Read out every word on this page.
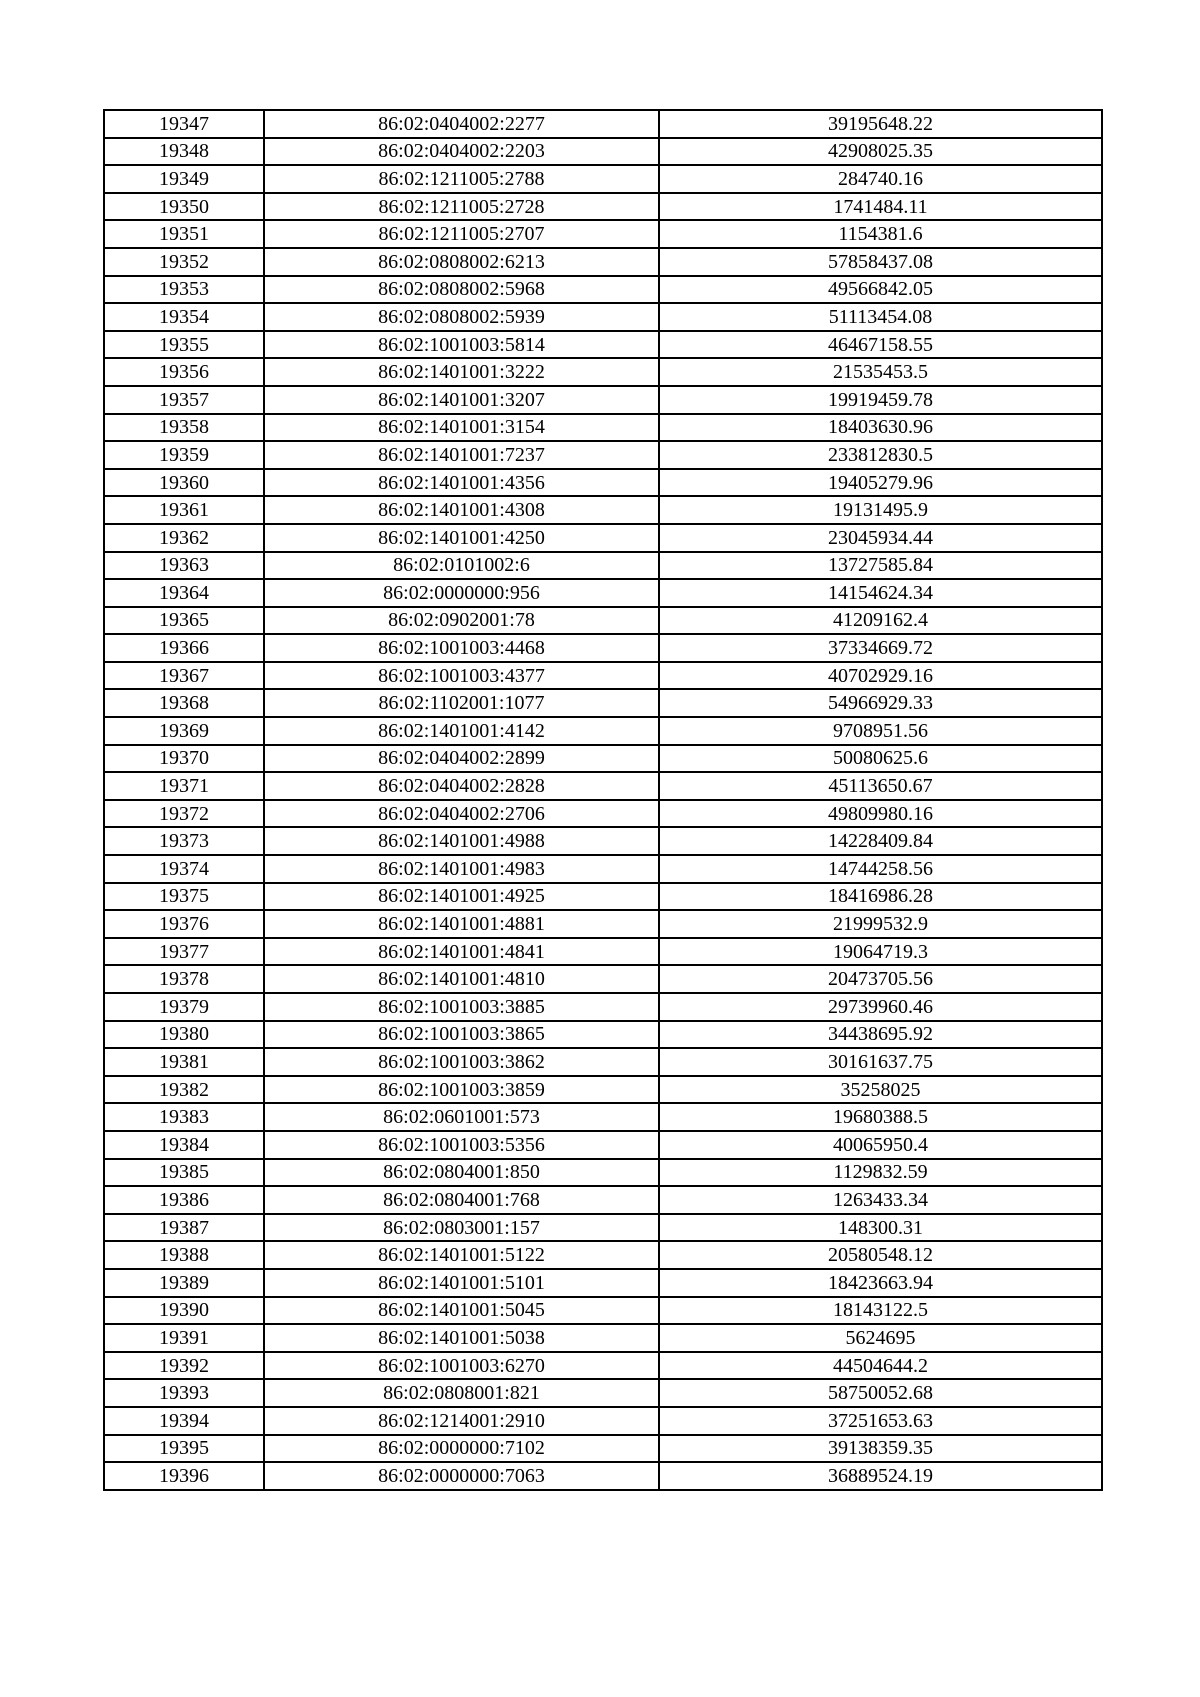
19347	86:02:0404002:2277	39195648.22
19348	86:02:0404002:2203	42908025.35
19349	86:02:1211005:2788	284740.16
19350	86:02:1211005:2728	1741484.11
19351	86:02:1211005:2707	1154381.6
19352	86:02:0808002:6213	57858437.08
19353	86:02:0808002:5968	49566842.05
19354	86:02:0808002:5939	51113454.08
19355	86:02:1001003:5814	46467158.55
19356	86:02:1401001:3222	21535453.5
19357	86:02:1401001:3207	19919459.78
19358	86:02:1401001:3154	18403630.96
19359	86:02:1401001:7237	233812830.5
19360	86:02:1401001:4356	19405279.96
19361	86:02:1401001:4308	19131495.9
19362	86:02:1401001:4250	23045934.44
19363	86:02:0101002:6	13727585.84
19364	86:02:0000000:956	14154624.34
19365	86:02:0902001:78	41209162.4
19366	86:02:1001003:4468	37334669.72
19367	86:02:1001003:4377	40702929.16
19368	86:02:1102001:1077	54966929.33
19369	86:02:1401001:4142	9708951.56
19370	86:02:0404002:2899	50080625.6
19371	86:02:0404002:2828	45113650.67
19372	86:02:0404002:2706	49809980.16
19373	86:02:1401001:4988	14228409.84
19374	86:02:1401001:4983	14744258.56
19375	86:02:1401001:4925	18416986.28
19376	86:02:1401001:4881	21999532.9
19377	86:02:1401001:4841	19064719.3
19378	86:02:1401001:4810	20473705.56
19379	86:02:1001003:3885	29739960.46
19380	86:02:1001003:3865	34438695.92
19381	86:02:1001003:3862	30161637.75
19382	86:02:1001003:3859	35258025
19383	86:02:0601001:573	19680388.5
19384	86:02:1001003:5356	40065950.4
19385	86:02:0804001:850	1129832.59
19386	86:02:0804001:768	1263433.34
19387	86:02:0803001:157	148300.31
19388	86:02:1401001:5122	20580548.12
19389	86:02:1401001:5101	18423663.94
19390	86:02:1401001:5045	18143122.5
19391	86:02:1401001:5038	5624695
19392	86:02:1001003:6270	44504644.2
19393	86:02:0808001:821	58750052.68
19394	86:02:1214001:2910	37251653.63
19395	86:02:0000000:7102	39138359.35
19396	86:02:0000000:7063	36889524.19
